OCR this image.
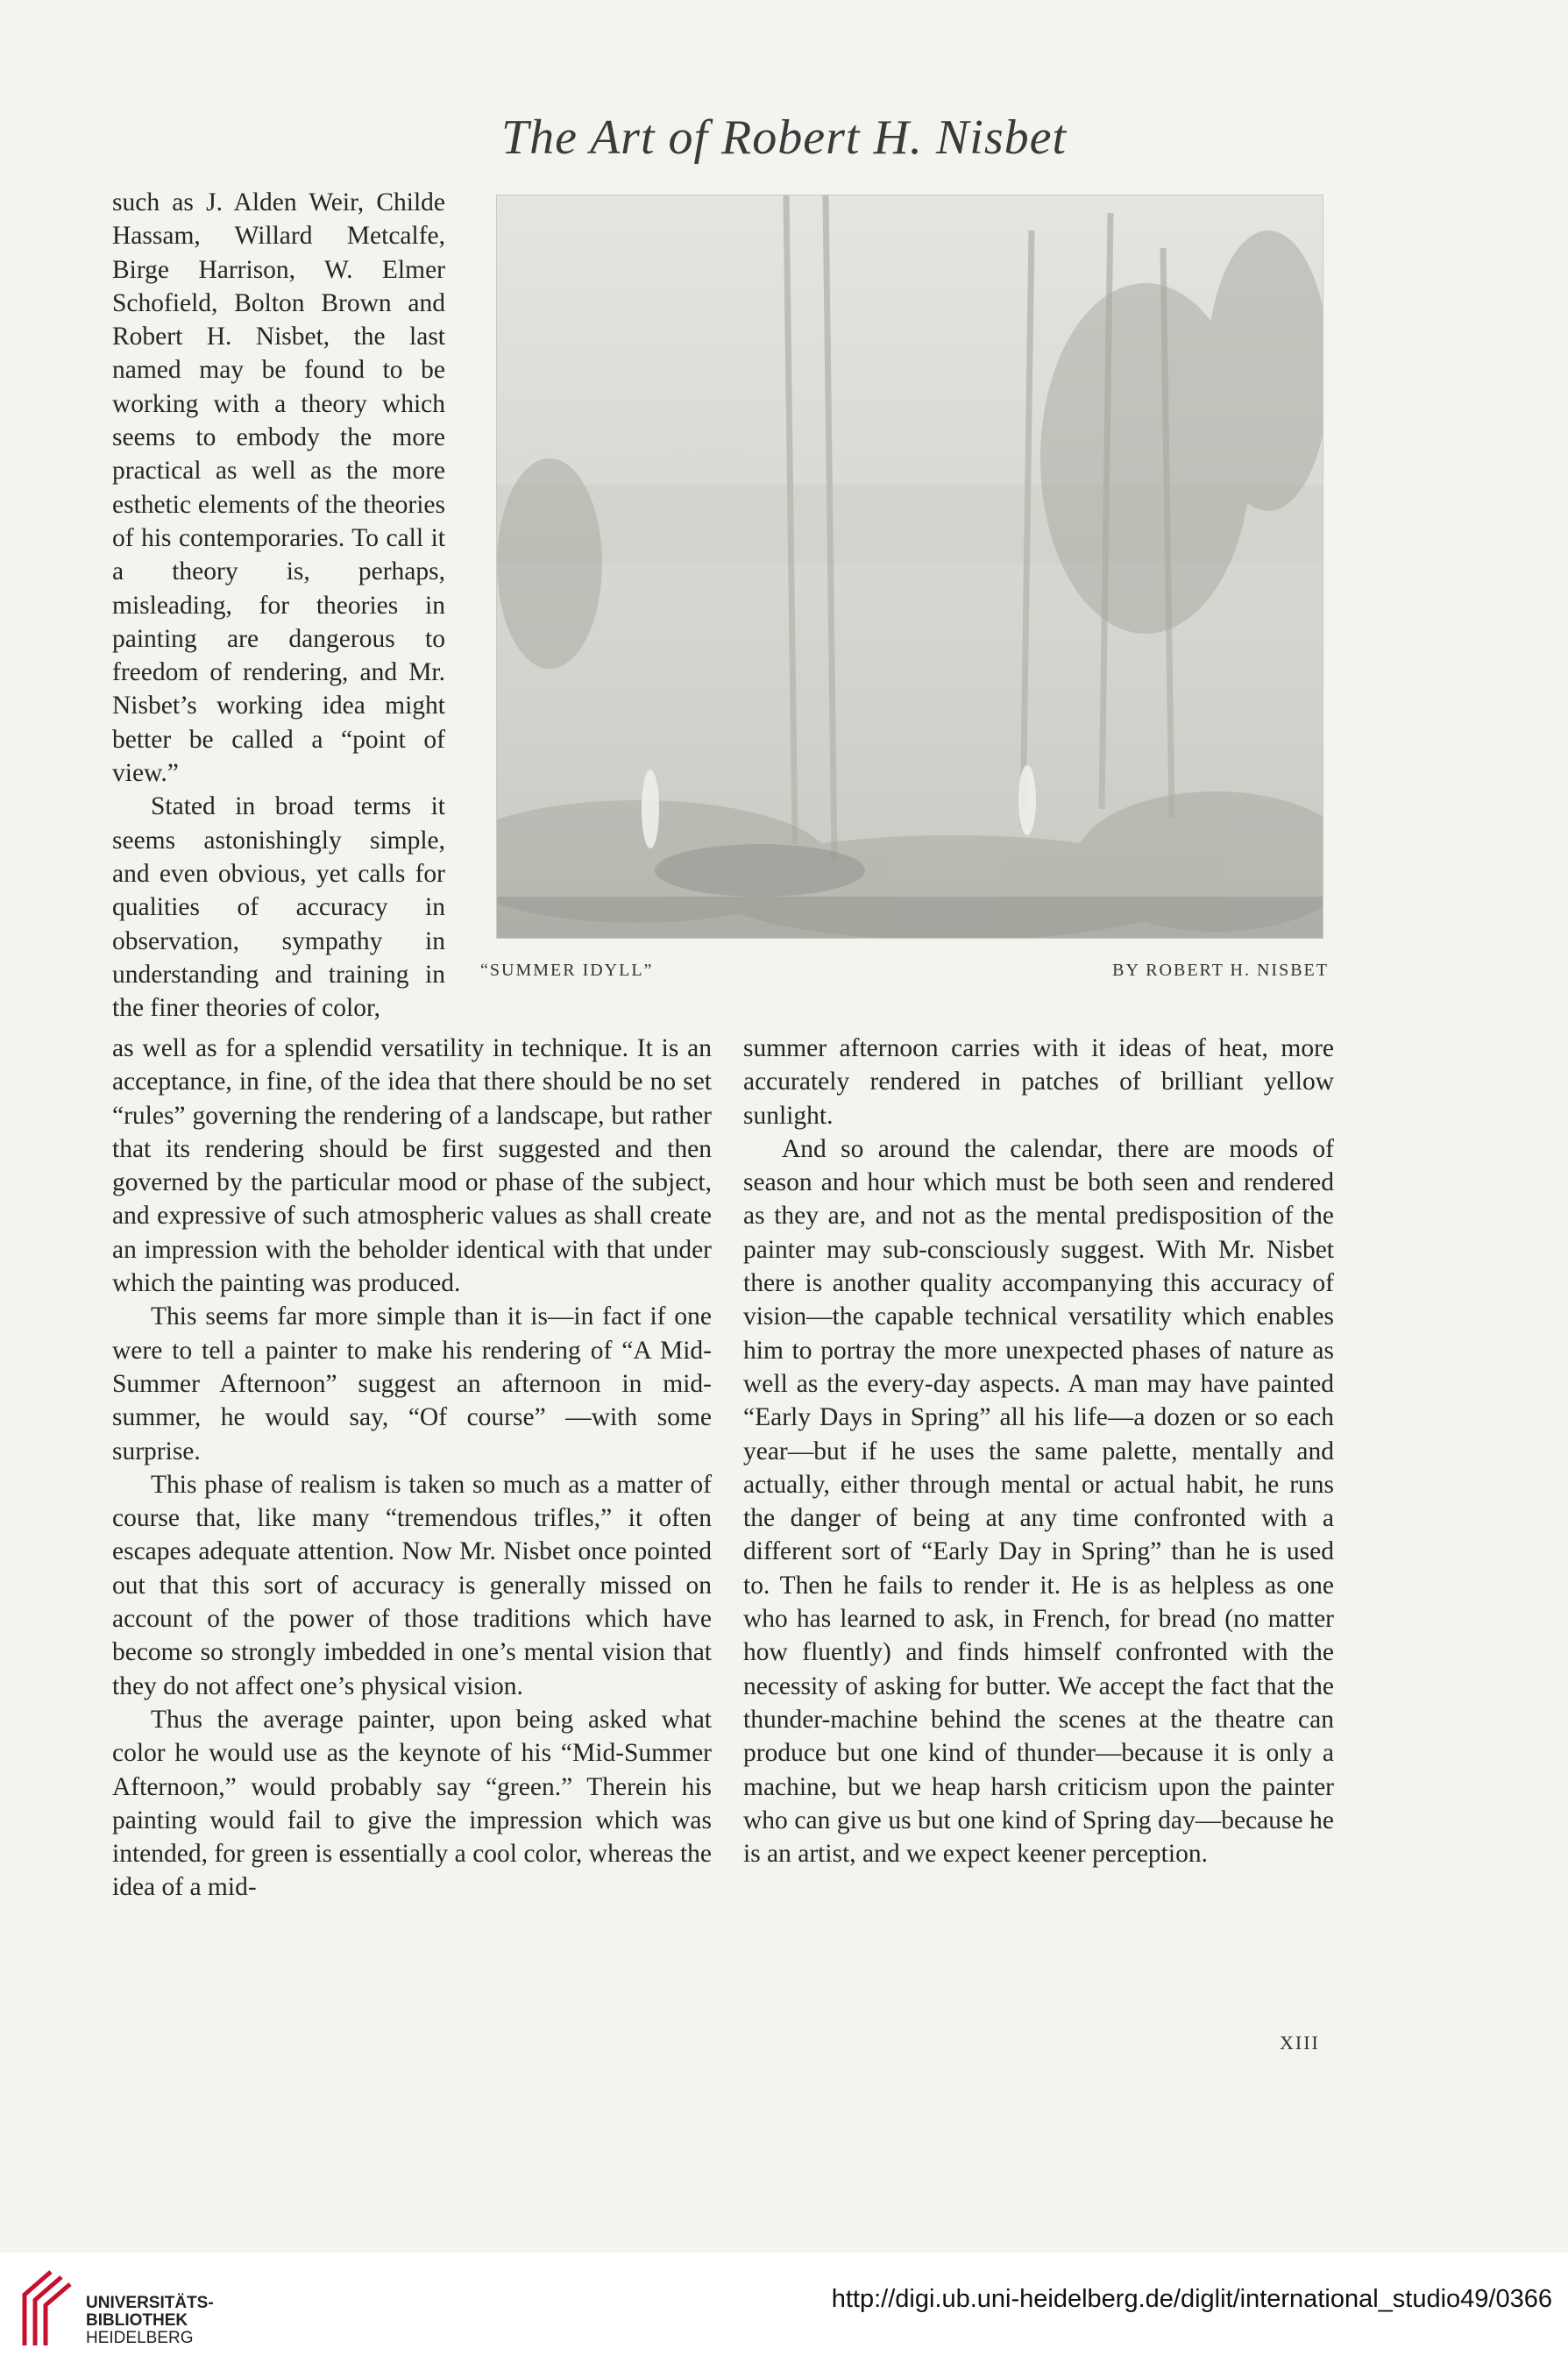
The Art of Robert H. Nisbet

such as J. Alden Weir, Childe Hassam, Willard Metcalfe, Birge Harrison, W. Elmer Schofield, Bolton Brown and Robert H. Nisbet, the last named may be found to be working with a theory which seems to embody the more practical as well as the more esthetic elements of the theories of his contemporaries. To call it a theory is, perhaps, misleading, for theories in painting are dangerous to freedom of rendering, and Mr. Nisbet’s working idea might better be called a “point of view.”

Stated in broad terms it seems astonishingly simple, and even obvious, yet calls for qualities of accuracy in observation, sympathy in understanding and training in the finer theories of color,

“SUMMER IDYLL”	BY ROBERT H. NISBET

as well as for a splendid versatility in technique. It is an acceptance, in fine, of the idea that there should be no set “rules” governing the rendering of a landscape, but rather that its rendering should be first suggested and then governed by the particular mood or phase of the subject, and expressive of such atmospheric values as shall create an impression with the beholder identical with that under which the painting was produced.

This seems far more simple than it is—in fact if one were to tell a painter to make his rendering of “A Mid-Summer Afternoon” suggest an afternoon in mid-summer, he would say, “Of course” —with some surprise.

This phase of realism is taken so much as a matter of course that, like many “tremendous trifles,” it often escapes adequate attention. Now Mr. Nisbet once pointed out that this sort of accuracy is generally missed on account of the power of those traditions which have become so strongly imbedded in one’s mental vision that they do not affect one’s physical vision.

Thus the average painter, upon being asked what color he would use as the keynote of his “Mid-Summer Afternoon,” would probably say “green.” Therein his painting would fail to give the impression which was intended, for green is essentially a cool color, whereas the idea of a mid-

summer afternoon carries with it ideas of heat, more accurately rendered in patches of brilliant yellow sunlight.

And so around the calendar, there are moods of season and hour which must be both seen and rendered as they are, and not as the mental predisposition of the painter may sub-consciously suggest. With Mr. Nisbet there is another quality accompanying this accuracy of vision—the capable technical versatility which enables him to portray the more unexpected phases of nature as well as the every-day aspects. A man may have painted “Early Days in Spring” all his life—a dozen or so each year—but if he uses the same palette, mentally and actually, either through mental or actual habit, he runs the danger of being at any time confronted with a different sort of “Early Day in Spring” than he is used to. Then he fails to render it. He is as helpless as one who has learned to ask, in French, for bread (no matter how fluently) and finds himself confronted with the necessity of asking for butter. We accept the fact that the thunder-machine behind the scenes at the theatre can produce but one kind of thunder—because it is only a machine, but we heap harsh criticism upon the painter who can give us but one kind of Spring day—because he is an artist, and we expect keener perception.

XIII
UNIVERSITÄTS-
BIBLIOTHEK
HEIDELBERG
http://digi.ub.uni-heidelberg.de/diglit/international_studio49/0366
